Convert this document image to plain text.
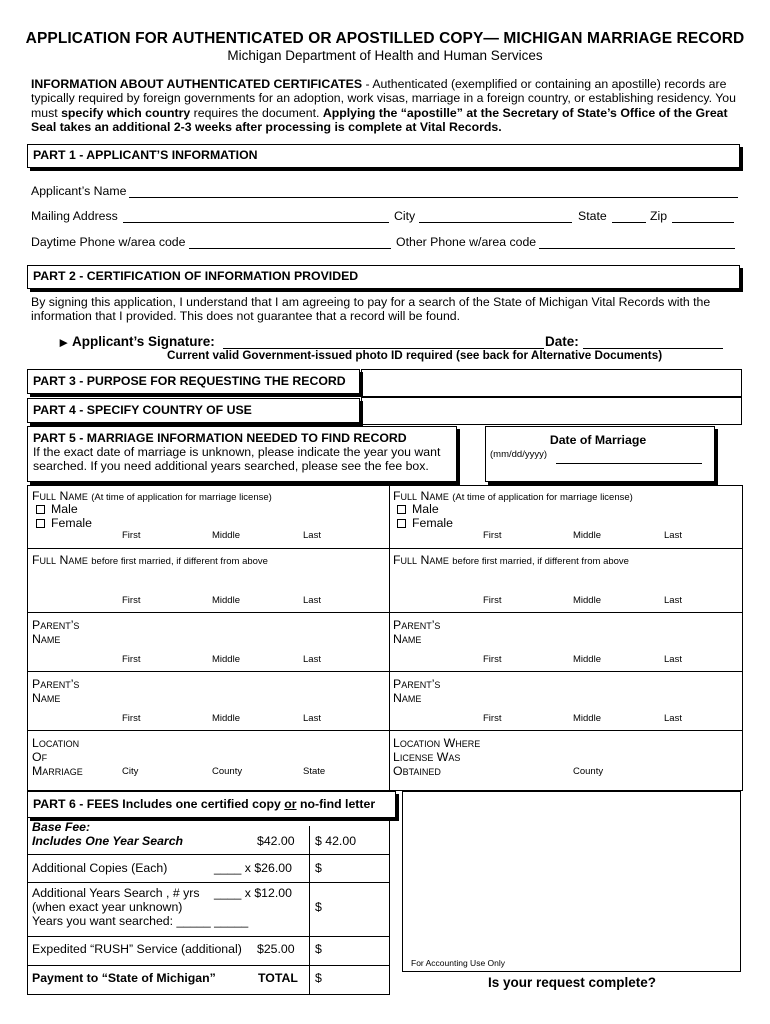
APPLICATION FOR AUTHENTICATED OR APOSTILLED COPY— MICHIGAN MARRIAGE RECORD
Michigan Department of Health and Human Services
INFORMATION ABOUT AUTHENTICATED CERTIFICATES - Authenticated (exemplified or containing an apostille) records are typically required by foreign governments for an adoption, work visas, marriage in a foreign country, or establishing residency. You must specify which country requires the document. Applying the “apostille” at the Secretary of State’s Office of the Great Seal takes an additional 2-3 weeks after processing is complete at Vital Records.
PART 1 - APPLICANT’S INFORMATION
Applicant’s Name
Mailing Address	City	State	Zip
Daytime Phone w/area code	Other Phone w/area code
PART 2 - CERTIFICATION OF INFORMATION PROVIDED
By signing this application, I understand that I am agreeing to pay for a search of the State of Michigan Vital Records with the information that I provided. This does not guarantee that a record will be found.
► Applicant’s Signature:	Date:
Current valid Government-issued photo ID required (see back for Alternative Documents)
PART 3 - PURPOSE FOR REQUESTING THE RECORD
PART 4 - SPECIFY COUNTRY OF USE
PART 5 - MARRIAGE INFORMATION NEEDED TO FIND RECORD
If the exact date of marriage is unknown, please indicate the year you want searched. If you need additional years searched, please see the fee box.
Date of Marriage
(mm/dd/yyyy)
Full Name (At time of application for marriage license)
Male
Female
First	Middle	Last
Full Name before first married, if different from above
First	Middle	Last
Parent’s
Name
First	Middle	Last
Parent’s
Name
First	Middle	Last
Location
Of
Marriage	City	County	State
Full Name (At time of application for marriage license)
Male
Female
First	Middle	Last
Full Name before first married, if different from above
First	Middle	Last
Parent’s
Name
First	Middle	Last
Parent’s
Name
First	Middle	Last
Location Where
License Was
Obtained	County
PART 6 - FEES Includes one certified copy or no-find letter
Base Fee:
Includes One Year Search	$42.00 $ 42.00
Additional Copies (Each)	____ x $26.00 $
Additional Years Search , # yrs ____ x $12.00
(when exact year unknown)	$
Years you want searched: _____ _____
Expedited “RUSH” Service (additional) $25.00 $
Payment to “State of Michigan”	TOTAL $
For Accounting Use Only
Is your request complete?
